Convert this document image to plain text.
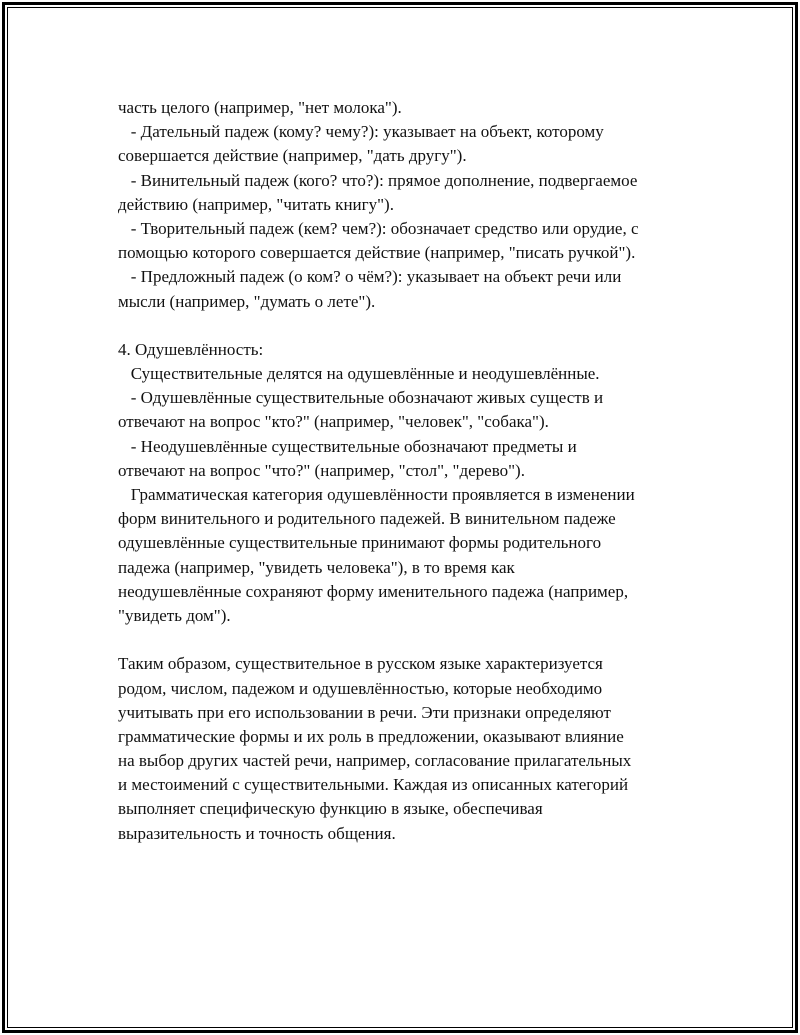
часть целого (например, "нет молока").
- Дательный падеж (кому? чему?): указывает на объект, которому
совершается действие (например, "дать другу").
- Винительный падеж (кого? что?): прямое дополнение, подвергаемое
действию (например, "читать книгу").
- Творительный падеж (кем? чем?): обозначает средство или орудие, с
помощью которого совершается действие (например, "писать ручкой").
- Предложный падеж (о ком? о чём?): указывает на объект речи или
мысли (например, "думать о лете").
4. Одушевлённость:
Существительные делятся на одушевлённые и неодушевлённые.
- Одушевлённые существительные обозначают живых существ и
отвечают на вопрос "кто?" (например, "человек", "собака").
- Неодушевлённые существительные обозначают предметы и
отвечают на вопрос "что?" (например, "стол", "дерево").
Грамматическая категория одушевлённости проявляется в изменении
форм винительного и родительного падежей. В винительном падеже
одушевлённые существительные принимают формы родительного
падежа (например, "увидеть человека"), в то время как
неодушевлённые сохраняют форму именительного падежа (например,
"увидеть дом").
Таким образом, существительное в русском языке характеризуется
родом, числом, падежом и одушевлённостью, которые необходимо
учитывать при его использовании в речи. Эти признаки определяют
грамматические формы и их роль в предложении, оказывают влияние
на выбор других частей речи, например, согласование прилагательных
и местоимений с существительными. Каждая из описанных категорий
выполняет специфическую функцию в языке, обеспечивая
выразительность и точность общения.
